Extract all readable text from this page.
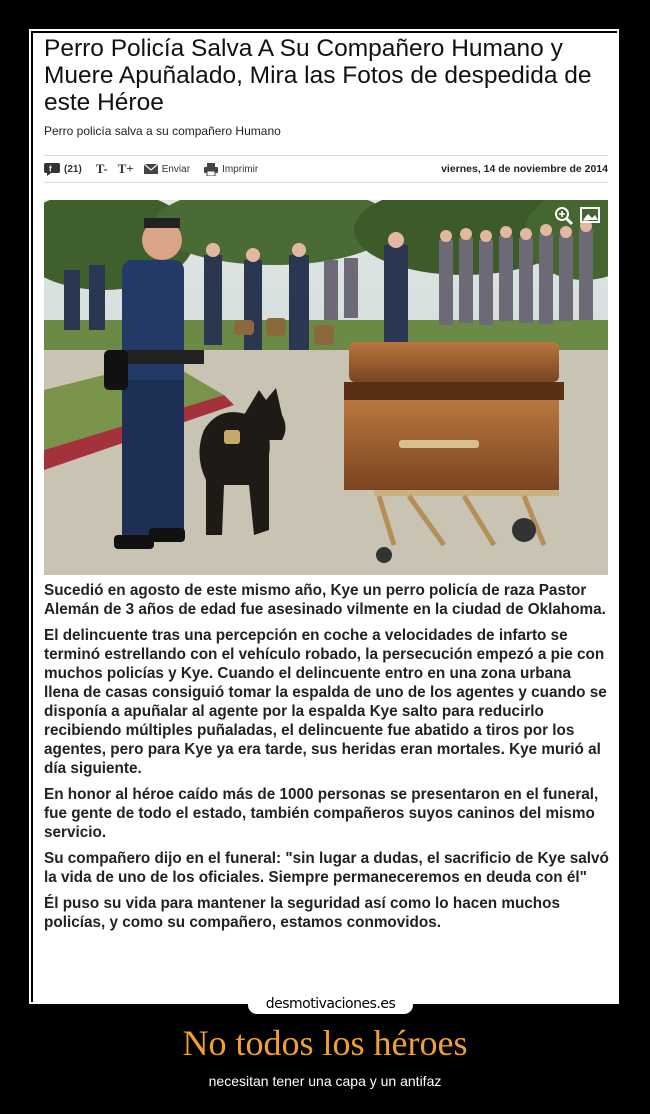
Perro Policía Salva A Su Compañero Humano y Muere Apuñalado, Mira las Fotos de despedida de este Héroe
Perro policía salva a su compañero Humano
f (21) T- T+	Enviar	Imprimir	viernes, 14 de noviembre de 2014

Sucedió en agosto de este mismo año, Kye un perro policía de raza Pastor Alemán de 3 años de edad fue asesinado vilmente en la ciudad de Oklahoma.

El delincuente tras una percepción en coche a velocidades de infarto se terminó estrellando con el vehículo robado, la persecución empezó a pie con muchos policías y Kye. Cuando el delincuente entro en una zona urbana llena de casas consiguió tomar la espalda de uno de los agentes y cuando se disponía a apuñalar al agente por la espalda Kye salto para reducirlo recibiendo múltiples puñaladas, el delincuente fue abatido a tiros por los agentes, pero para Kye ya era tarde, sus heridas eran mortales. Kye murió al día siguiente.

En honor al héroe caído más de 1000 personas se presentaron en el funeral, fue gente de todo el estado, también compañeros suyos caninos del mismo servicio.

Su compañero dijo en el funeral: "sin lugar a dudas, el sacrificio de Kye salvó la vida de uno de los oficiales. Siempre permaneceremos en deuda con él"

Él puso su vida para mantener la seguridad así como lo hacen muchos policías, y como su compañero, estamos conmovidos.

desmotivaciones.es
No todos los héroes
necesitan tener una capa y un antifaz
